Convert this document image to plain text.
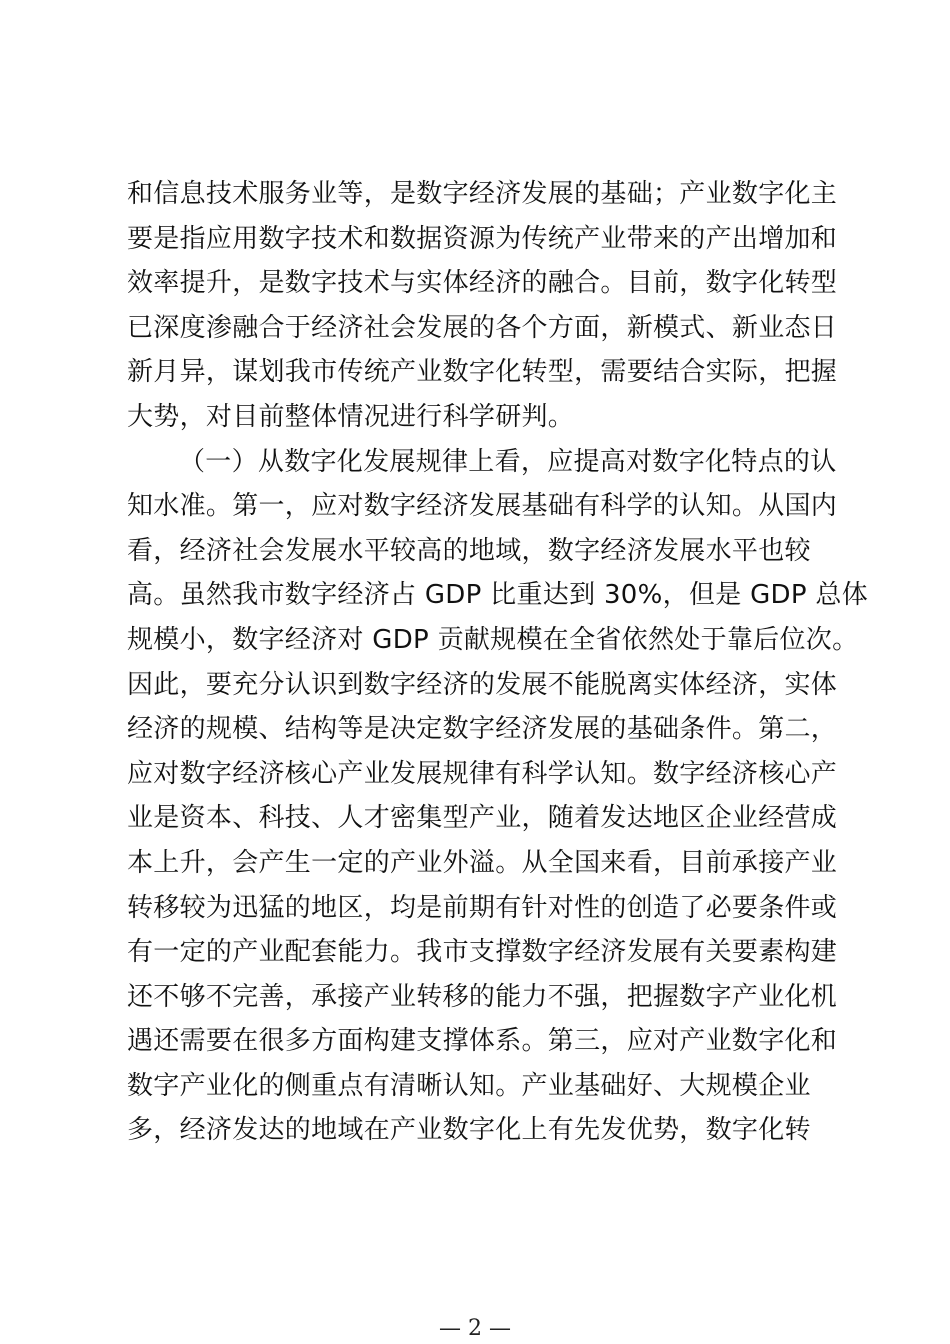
和信息技术服务业等，是数字经济发展的基础；产业数字化主
要是指应用数字技术和数据资源为传统产业带来的产出增加和
效率提升，是数字技术与实体经济的融合。目前，数字化转型
已深度渗融合于经济社会发展的各个方面，新模式、新业态日
新月异，谋划我市传统产业数字化转型，需要结合实际，把握
大势，对目前整体情况进行科学研判。
（一）从数字化发展规律上看，应提高对数字化特点的认
知水准。第一，应对数字经济发展基础有科学的认知。从国内
看，经济社会发展水平较高的地域，数字经济发展水平也较
高。虽然我市数字经济占 GDP 比重达到 30%，但是 GDP 总体
规模小，数字经济对 GDP 贡献规模在全省依然处于靠后位次。
因此，要充分认识到数字经济的发展不能脱离实体经济，实体
经济的规模、结构等是决定数字经济发展的基础条件。第二，
应对数字经济核心产业发展规律有科学认知。数字经济核心产
业是资本、科技、人才密集型产业，随着发达地区企业经营成
本上升，会产生一定的产业外溢。从全国来看，目前承接产业
转移较为迅猛的地区，均是前期有针对性的创造了必要条件或
有一定的产业配套能力。我市支撑数字经济发展有关要素构建
还不够不完善，承接产业转移的能力不强，把握数字产业化机
遇还需要在很多方面构建支撑体系。第三，应对产业数字化和
数字产业化的侧重点有清晰认知。产业基础好、大规模企业
多，经济发达的地域在产业数字化上有先发优势，数字化转
— 2 —
